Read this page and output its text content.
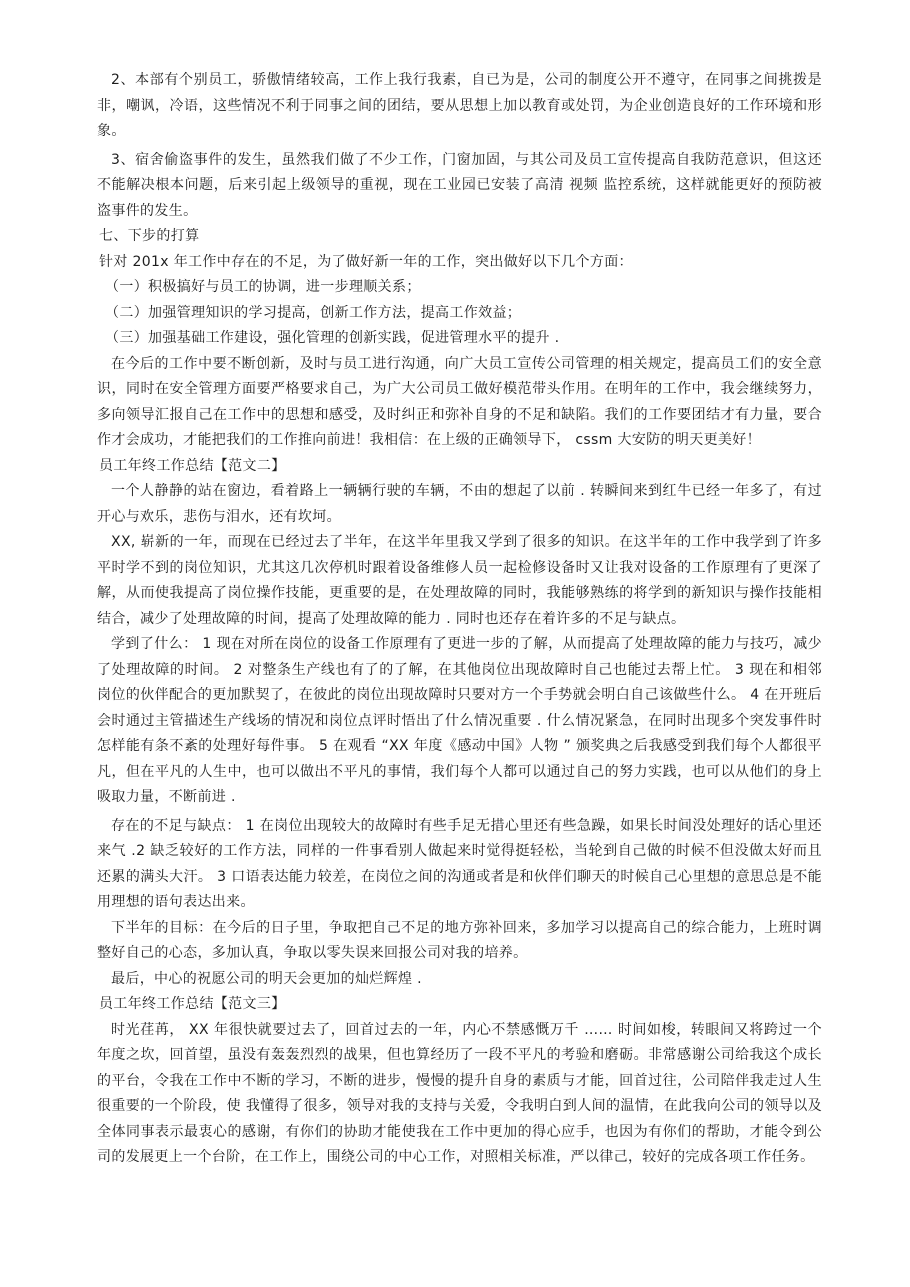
2、本部有个别员工，骄傲情绪较高，工作上我行我素，自已为是，公司的制度公开不遵守，在同事之间挑拨是非，嘲讽，冷语，这些情况不利于同事之间的团结，要从思想上加以教育或处罚，为企业创造良好的工作环境和形象。

3、宿舍偷盗事件的发生，虽然我们做了不少工作，门窗加固，与其公司及员工宣传提高自我防范意识，但这还不能解决根本问题，后来引起上级领导的重视，现在工业园已安装了高清 视频 监控系统，这样就能更好的预防被盗事件的发生。

七、下步的打算

针对 201x 年工作中存在的不足，为了做好新一年的工作，突出做好以下几个方面：

（一）积极搞好与员工的协调，进一步理顺关系；

（二）加强管理知识的学习提高，创新工作方法，提高工作效益；

（三）加强基础工作建设，强化管理的创新实践，促进管理水平的提升 .

在今后的工作中要不断创新，及时与员工进行沟通，向广大员工宣传公司管理的相关规定，提高员工们的安全意识，同时在安全管理方面要严格要求自己，为广大公司员工做好模范带头作用。在明年的工作中，我会继续努力，多向领导汇报自己在工作中的思想和感受，及时纠正和弥补自身的不足和缺陷。我们的工作要团结才有力量，要合作才会成功，才能把我们的工作推向前进！我相信：在上级的正确领导下， cssm 大安防的明天更美好！

员工年终工作总结【范文二】

一个人静静的站在窗边，看着路上一辆辆行驶的车辆，不由的想起了以前 . 转瞬间来到红牛已经一年多了，有过开心与欢乐，悲伤与泪水，还有坎坷。

XX, 崭新的一年，而现在已经过去了半年，在这半年里我又学到了很多的知识。在这半年的工作中我学到了许多平时学不到的岗位知识，尤其这几次停机时跟着设备维修人员一起检修设备时又让我对设备的工作原理有了更深了解，从而使我提高了岗位操作技能，更重要的是，在处理故障的同时，我能够熟练的将学到的新知识与操作技能相结合，减少了处理故障的时间，提高了处理故障的能力 . 同时也还存在着许多的不足与缺点。

学到了什么： 1 现在对所在岗位的设备工作原理有了更进一步的了解，从而提高了处理故障的能力与技巧，减少了处理故障的时间。 2 对整条生产线也有了的了解，在其他岗位出现故障时自己也能过去帮上忙。 3 现在和相邻岗位的伙伴配合的更加默契了，在彼此的岗位出现故障时只要对方一个手势就会明白自己该做些什么。 4 在开班后会时通过主管描述生产线场的情况和岗位点评时悟出了什么情况重要 . 什么情况紧急，在同时出现多个突发事件时怎样能有条不紊的处理好每件事。 5 在观看 “XX 年度《感动中国》人物 ” 颁奖典之后我感受到我们每个人都很平凡，但在平凡的人生中，也可以做出不平凡的事情，我们每个人都可以通过自己的努力实践，也可以从他们的身上吸取力量，不断前进 .

存在的不足与缺点： 1 在岗位出现较大的故障时有些手足无措心里还有些急躁，如果长时间没处理好的话心里还来气 .2 缺乏较好的工作方法，同样的一件事看别人做起来时觉得挺轻松，当轮到自己做的时候不但没做太好而且还累的满头大汗。 3 口语表达能力较差，在岗位之间的沟通或者是和伙伴们聊天的时候自己心里想的意思总是不能用理想的语句表达出来。

下半年的目标：在今后的日子里，争取把自己不足的地方弥补回来，多加学习以提高自己的综合能力，上班时调整好自己的心态，多加认真，争取以零失误来回报公司对我的培养。

最后，中心的祝愿公司的明天会更加的灿烂辉煌 .

员工年终工作总结【范文三】

时光荏苒， XX 年很快就要过去了，回首过去的一年，内心不禁感慨万千 …… 时间如梭，转眼间又将跨过一个年度之坎，回首望，虽没有轰轰烈烈的战果，但也算经历了一段不平凡的考验和磨砺。非常感谢公司给我这个成长的平台，令我在工作中不断的学习，不断的进步，慢慢的提升自身的素质与才能，回首过往，公司陪伴我走过人生很重要的一个阶段，使 我懂得了很多，领导对我的支持与关爱，令我明白到人间的温情，在此我向公司的领导以及全体同事表示最衷心的感谢，有你们的协助才能使我在工作中更加的得心应手，也因为有你们的帮助，才能令到公司的发展更上一个台阶，在工作上，围绕公司的中心工作，对照相关标准，严以律己，较好的完成各项工作任务。
